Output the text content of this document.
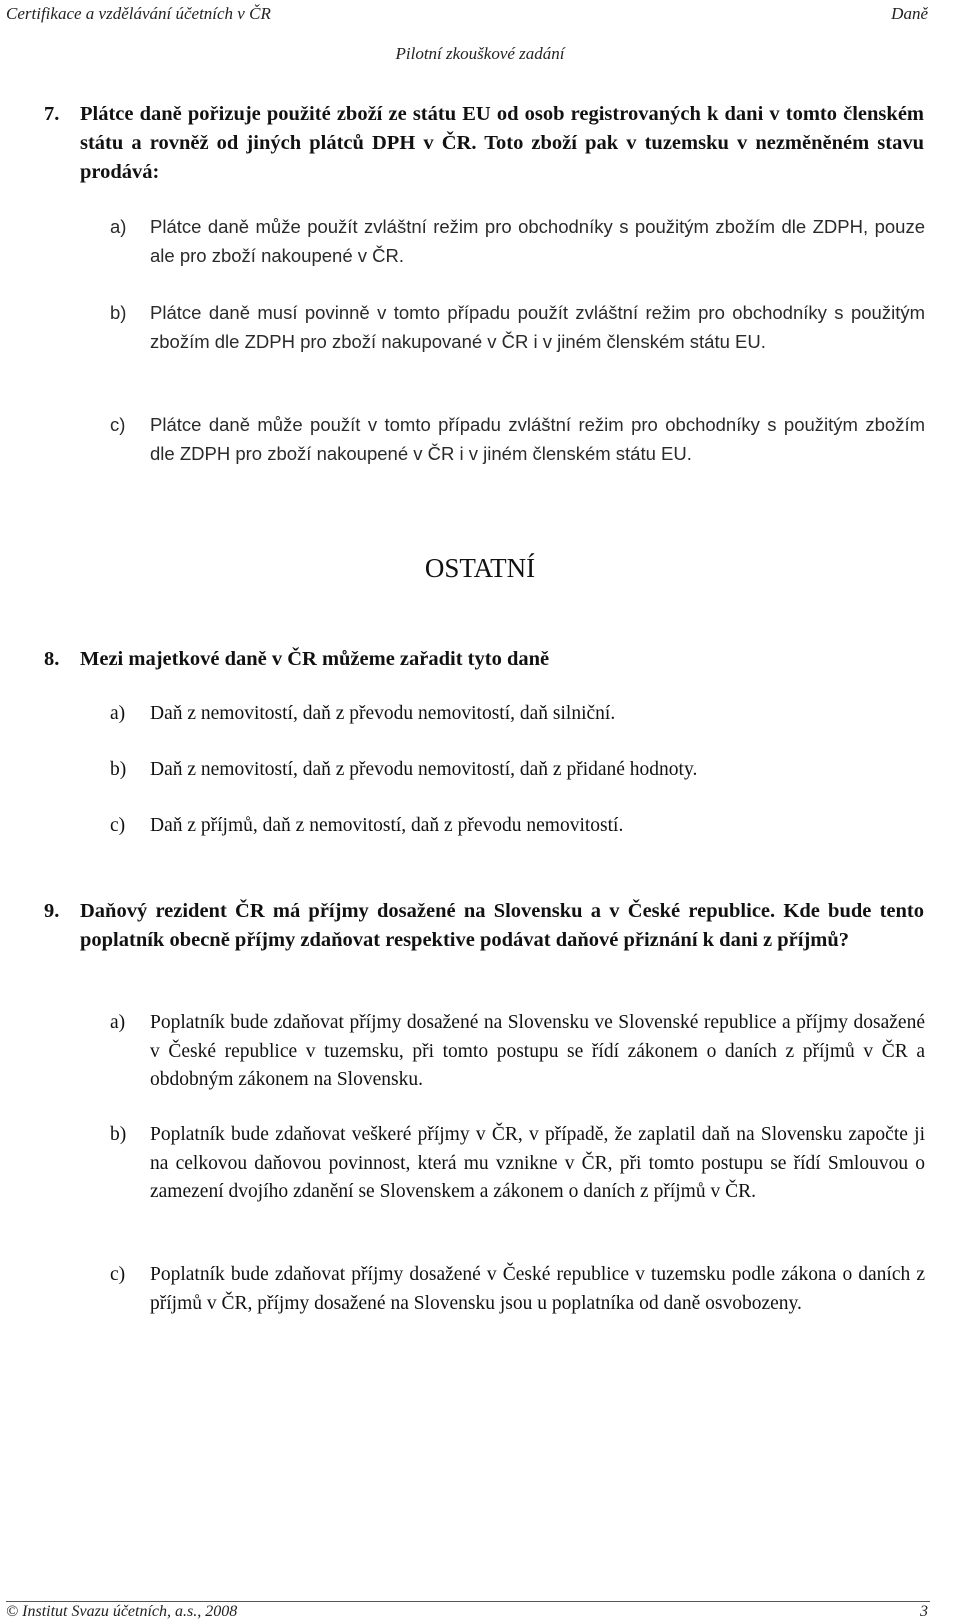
Certifikace a vzdělávání účetních v ČR	Daně
Pilotní zkouškové zadání
7. Plátce daně pořizuje použité zboží ze státu EU od osob registrovaných k dani v tomto členském státu a rovněž od jiných plátců DPH v ČR. Toto zboží pak v tuzemsku v nezměněném stavu prodává:
a) Plátce daně může použít zvláštní režim pro obchodníky s použitým zbožím dle ZDPH, pouze ale pro zboží nakoupené v ČR.
b) Plátce daně musí povinně v tomto případu použít zvláštní režim pro obchodníky s použitým zbožím dle ZDPH pro zboží nakupované v ČR i v jiném členském státu EU.
c) Plátce daně může použít v tomto případu zvláštní režim pro obchodníky s použitým zbožím dle ZDPH pro zboží nakoupené v ČR i v jiném členském státu EU.
OSTATNÍ
8. Mezi majetkové daně v ČR můžeme zařadit tyto daně
a) Daň z nemovitostí, daň z převodu nemovitostí, daň silniční.
b) Daň z nemovitostí, daň z převodu nemovitostí, daň z přidané hodnoty.
c) Daň z příjmů, daň z nemovitostí, daň z převodu nemovitostí.
9. Daňový rezident ČR má příjmy dosažené na Slovensku a v České republice. Kde bude tento poplatník obecně příjmy zdaňovat respektive podávat daňové přiznání k dani z příjmů?
a) Poplatník bude zdaňovat příjmy dosažené na Slovensku ve Slovenské republice a příjmy dosažené v České republice v tuzemsku, při tomto postupu se řídí zákonem o daních z příjmů v ČR a obdobným zákonem na Slovensku.
b) Poplatník bude zdaňovat veškeré příjmy v ČR, v případě, že zaplatil daň na Slovensku započte ji na celkovou daňovou povinnost, která mu vznikne v ČR, při tomto postupu se řídí Smlouvou o zamezení dvojího zdanění se Slovenskem a zákonem o daních z příjmů v ČR.
c) Poplatník bude zdaňovat příjmy dosažené v České republice v tuzemsku podle zákona o daních z příjmů v ČR, příjmy dosažené na Slovensku jsou u poplatníka od daně osvobozeny.
© Institut Svazu účetních, a.s., 2008	3
